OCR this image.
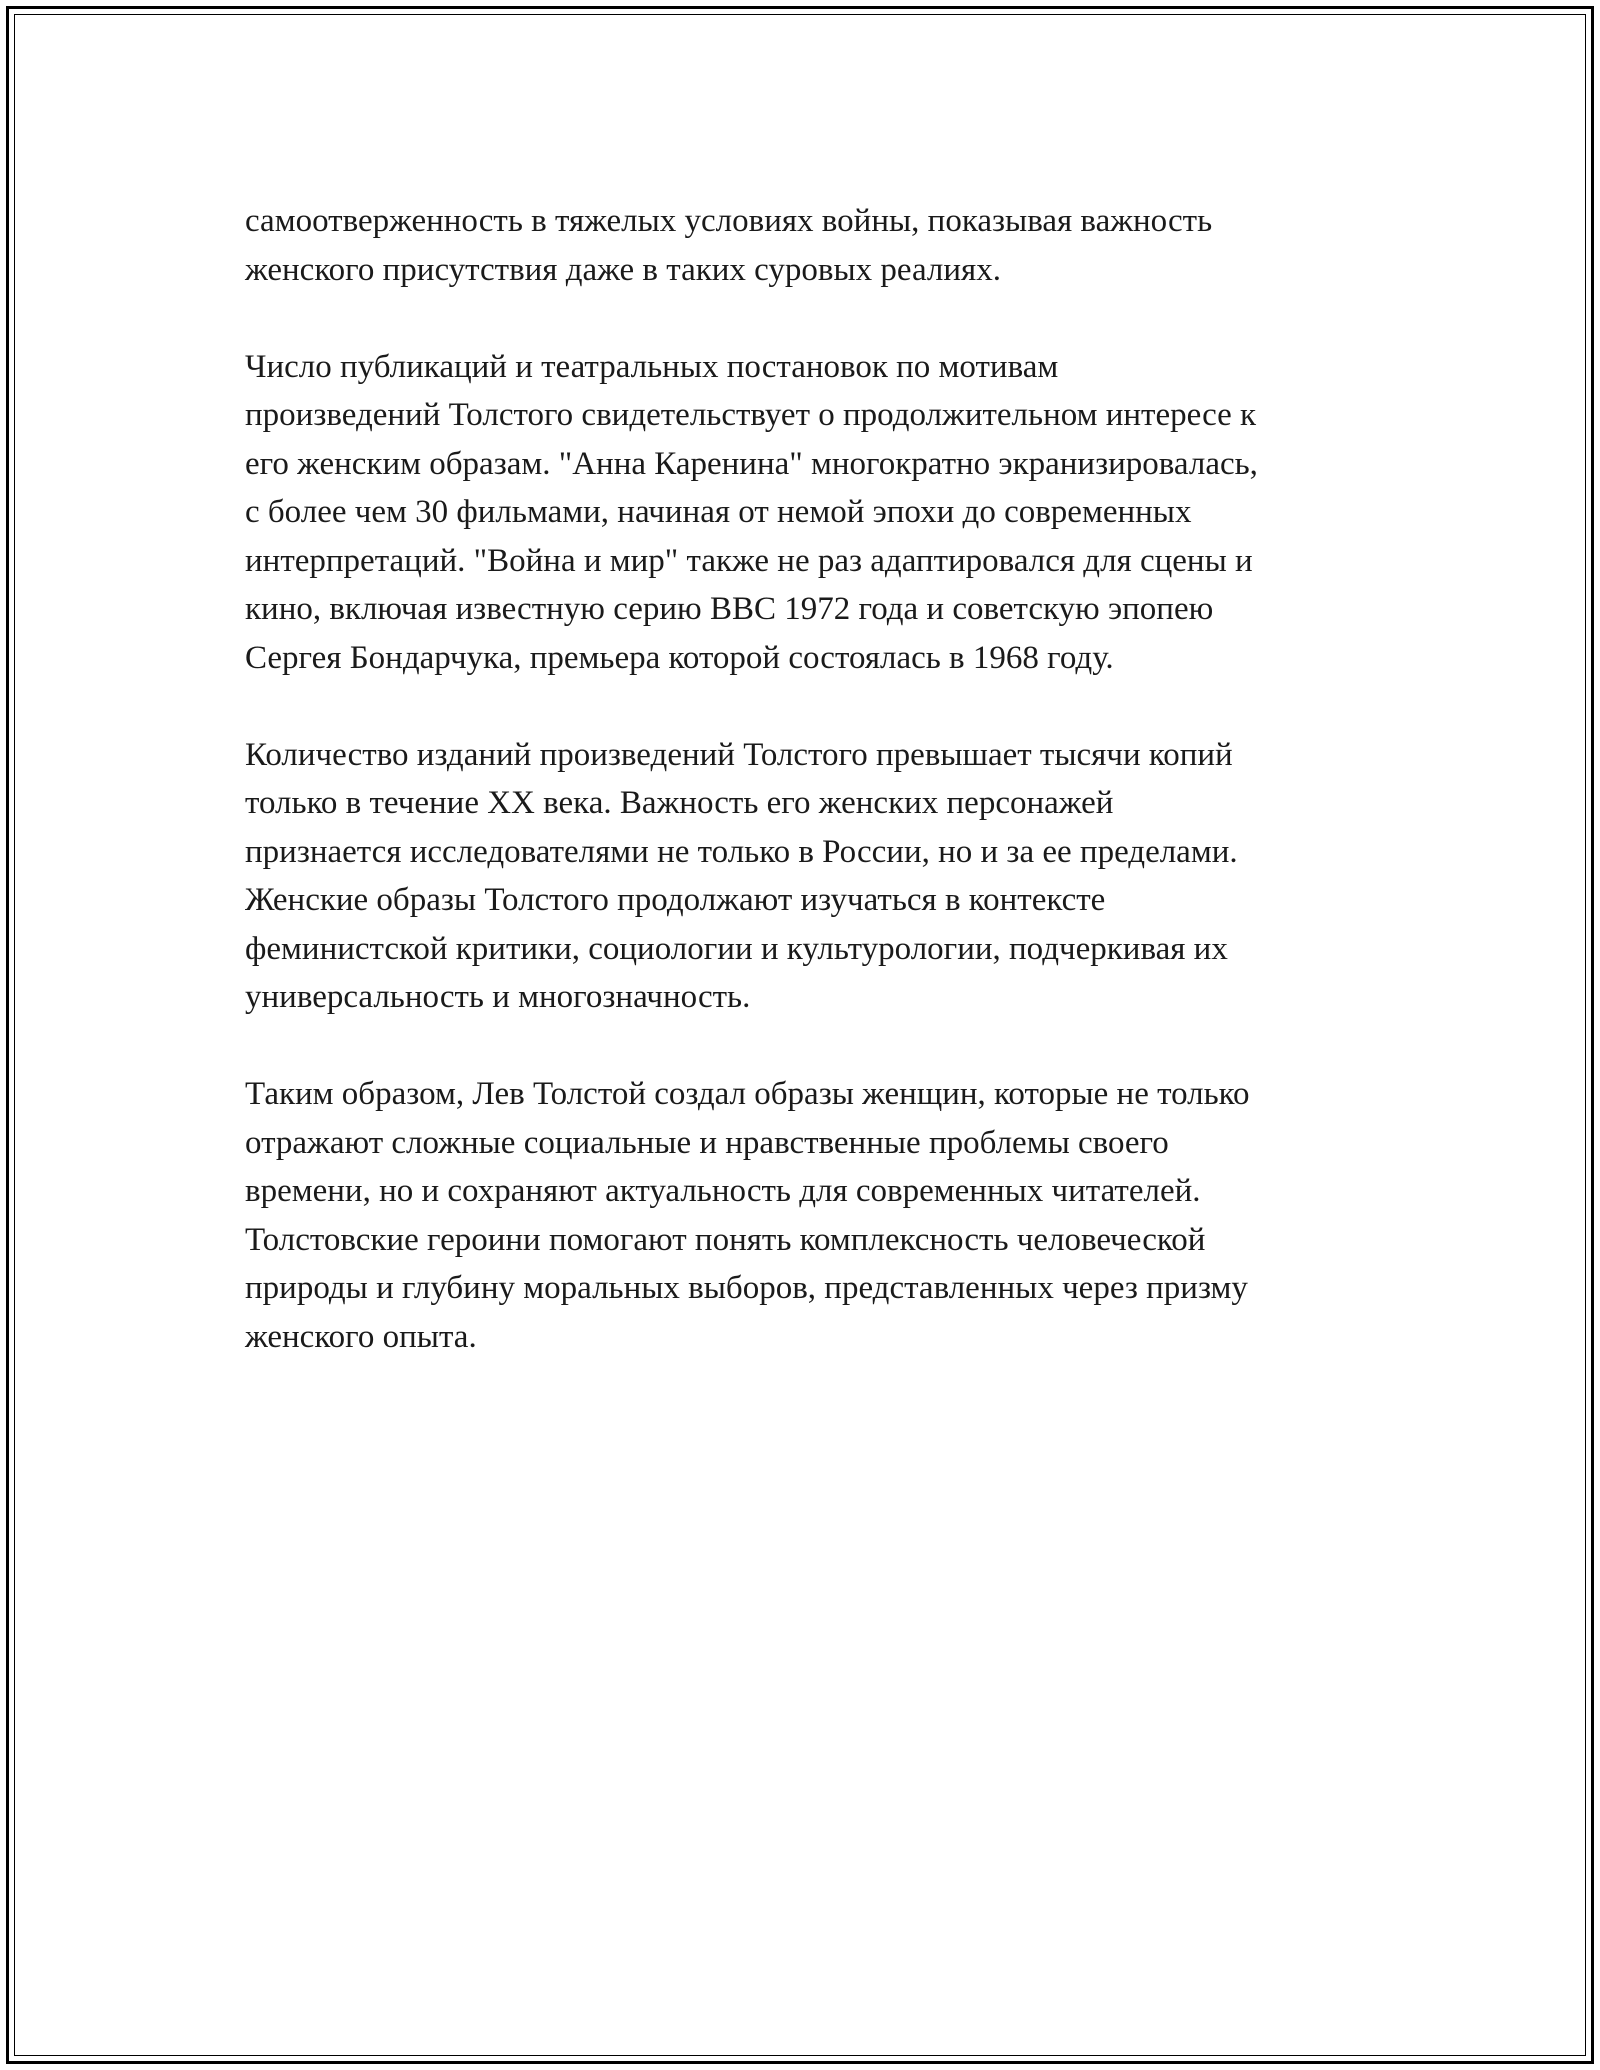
самоотверженность в тяжелых условиях войны, показывая важность
женского присутствия даже в таких суровых реалиях.

Число публикаций и театральных постановок по мотивам
произведений Толстого свидетельствует о продолжительном интересе к
его женским образам. "Анна Каренина" многократно экранизировалась,
с более чем 30 фильмами, начиная от немой эпохи до современных
интерпретаций. "Война и мир" также не раз адаптировался для сцены и
кино, включая известную серию BBC 1972 года и советскую эпопею
Сергея Бондарчука, премьера которой состоялась в 1968 году.

Количество изданий произведений Толстого превышает тысячи копий
только в течение XX века. Важность его женских персонажей
признается исследователями не только в России, но и за ее пределами.
Женские образы Толстого продолжают изучаться в контексте
феминистской критики, социологии и культурологии, подчеркивая их
универсальность и многозначность.

Таким образом, Лев Толстой создал образы женщин, которые не только
отражают сложные социальные и нравственные проблемы своего
времени, но и сохраняют актуальность для современных читателей.
Толстовские героини помогают понять комплексность человеческой
природы и глубину моральных выборов, представленных через призму
женского опыта.
